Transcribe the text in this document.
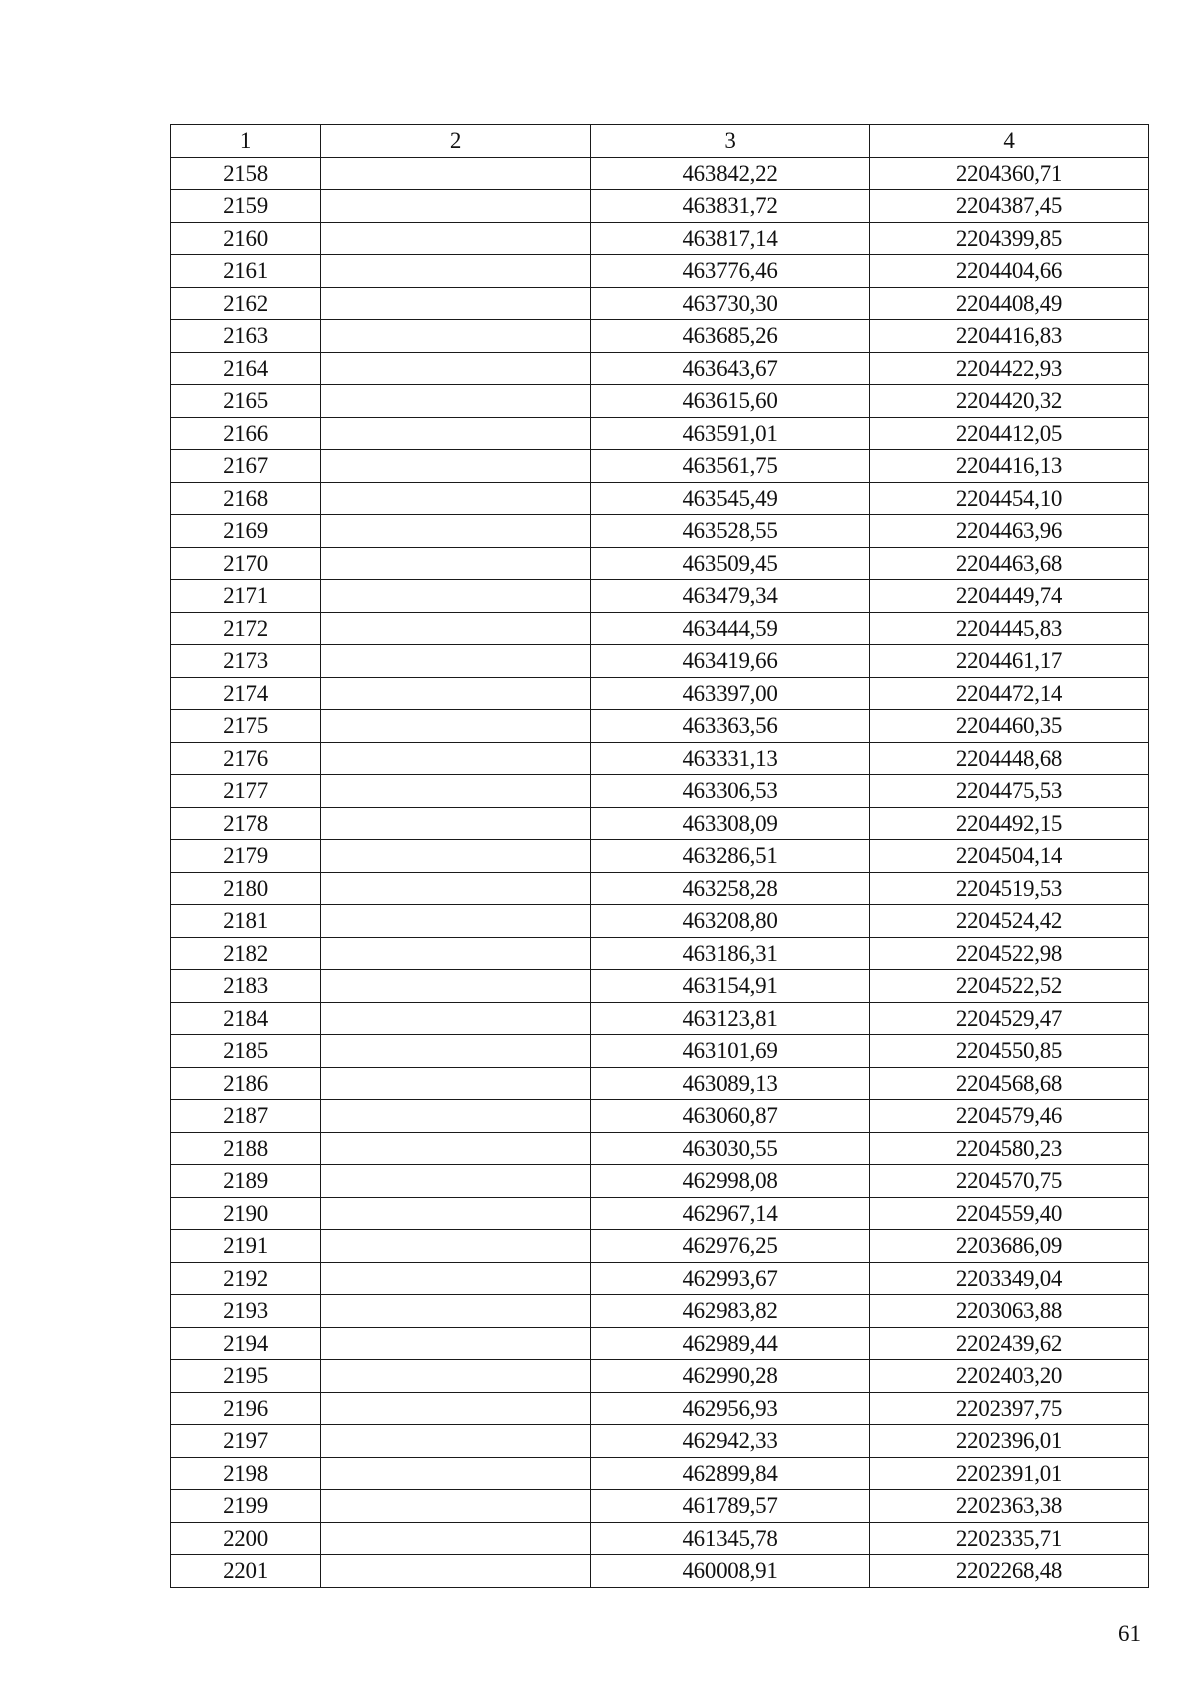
1	2	3	4
2158		463842,22	2204360,71
2159		463831,72	2204387,45
2160		463817,14	2204399,85
2161		463776,46	2204404,66
2162		463730,30	2204408,49
2163		463685,26	2204416,83
2164		463643,67	2204422,93
2165		463615,60	2204420,32
2166		463591,01	2204412,05
2167		463561,75	2204416,13
2168		463545,49	2204454,10
2169		463528,55	2204463,96
2170		463509,45	2204463,68
2171		463479,34	2204449,74
2172		463444,59	2204445,83
2173		463419,66	2204461,17
2174		463397,00	2204472,14
2175		463363,56	2204460,35
2176		463331,13	2204448,68
2177		463306,53	2204475,53
2178		463308,09	2204492,15
2179		463286,51	2204504,14
2180		463258,28	2204519,53
2181		463208,80	2204524,42
2182		463186,31	2204522,98
2183		463154,91	2204522,52
2184		463123,81	2204529,47
2185		463101,69	2204550,85
2186		463089,13	2204568,68
2187		463060,87	2204579,46
2188		463030,55	2204580,23
2189		462998,08	2204570,75
2190		462967,14	2204559,40
2191		462976,25	2203686,09
2192		462993,67	2203349,04
2193		462983,82	2203063,88
2194		462989,44	2202439,62
2195		462990,28	2202403,20
2196		462956,93	2202397,75
2197		462942,33	2202396,01
2198		462899,84	2202391,01
2199		461789,57	2202363,38
2200		461345,78	2202335,71
2201		460008,91	2202268,48
61
